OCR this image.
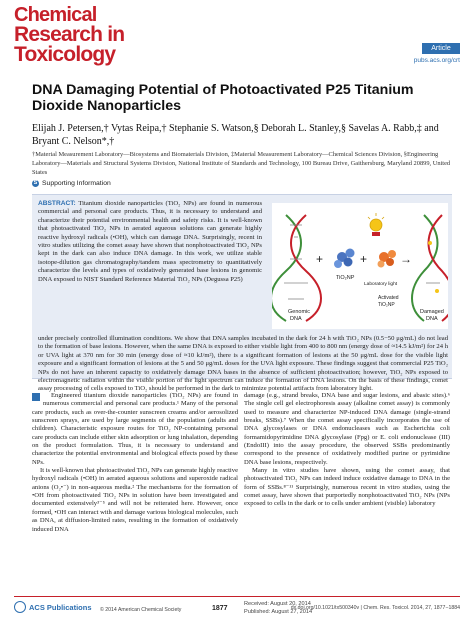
Chemical
Research in
Toxicology	Article
pubs.acs.org/crt
DNA Damaging Potential of Photoactivated P25 Titanium Dioxide Nanoparticles
Elijah J. Petersen,† Vytas Reipa,† Stephanie S. Watson,§ Deborah L. Stanley,§ Savelas A. Rabb,‡ and Bryant C. Nelson*,†
†Material Measurement Laboratory—Biosystems and Biomaterials Division, ‡Material Measurement Laboratory—Chemical Sciences Division, §Engineering Laboratory—Materials and Structural Systems Division, National Institute of Standards and Technology, 100 Bureau Drive, Gaithersburg, Maryland 20899, United States
S Supporting Information
ABSTRACT: Titanium dioxide nanoparticles (TiO₂ NPs) are found in numerous commercial and personal care products. Thus, it is necessary to understand and characterize their potential environmental health and safety risks. It is well-known that photoactivated TiO₂ NPs in aerated aqueous solutions can generate highly reactive hydroxyl radicals (•OH), which can damage DNA. Surprisingly, recent in vitro studies utilizing the comet assay have shown that nonphotoactivated TiO₂ NPs kept in the dark can also induce DNA damage. In this work, we utilize stable isotope-dilution gas chromatography/tandem mass spectrometry to quantitatively characterize the levels and types of oxidatively generated base lesions in genomic DNA exposed to NIST Standard Reference Material TiO₂ NPs (Degussa P25)
Genomic
DNA
+
TiO₂NP
+
Laboratory light
Activated
TiO₂NP
→
Damaged
DNA
under precisely controlled illumination conditions. We show that DNA samples incubated in the dark for 24 h with TiO₂ NPs (0.5−50 μg/mL) do not lead to the formation of base lesions. However, when the same DNA is exposed to either visible light from 400 to 800 nm (energy dose of ≈14.5 kJ/m²) for 24 h or UVA light at 370 nm for 30 min (energy dose of ≈10 kJ/m²), there is a significant formation of lesions at the 50 μg/mL dose for the visible light exposure and a significant formation of lesions at the 5 and 50 μg/mL doses for the UVA light exposure. These findings suggest that commercial P25 TiO₂ NPs do not have an inherent capacity to oxidatively damage DNA bases in the absence of sufficient photoactivation; however, TiO₂ NPs exposed to electromagnetic radiation within the visible portion of the light spectrum can induce the formation of DNA lesions. On the basis of these findings, comet assay processing of cells exposed to TiO₂ should be performed in the dark to minimize potential artifacts from laboratory light.

Engineered titanium dioxide nanoparticles (TiO₂ NPs) are found in numerous commercial and personal care products.¹ Many of the personal care products, such as over-the-counter sunscreen creams and/or aerosolized sunscreen sprays, are used by large segments of the population (adults and children). Characteristic exposure routes for TiO₂ NP-containing personal care products can include either skin adsorption or lung inhalation, depending on the product formulation. Thus, it is necessary to understand and characterize the potential environmental and biological effects posed by these NPs.

It is well-known that photoactivated TiO₂ NPs can generate highly reactive hydroxyl radicals (•OH) in aerated aqueous solutions and superoxide radical anions (O₂•⁻) in non-aqueous media.² The mechanisms for the formation of •OH from photoactivated TiO₂ NPs in solution have been investigated and documented extensively³⁻⁵ and will not be reiterated here. However, once formed, •OH can interact with and damage various biological molecules, such as DNA, at diffusion-limited rates, resulting in the formation of oxidatively induced DNA

damage (e.g., strand breaks, DNA base and sugar lesions, and abasic sites).⁶ The single cell gel electrophoresis assay (alkaline comet assay) is commonly used to measure and characterize NP-induced DNA damage (single-strand breaks, SSBs).⁷ When the comet assay specifically incorporates the use of DNA glycosylases or DNA endonucleases such as Escherichia coli formamidopyrimidine DNA glycosylase (Fpg) or E. coli endonuclease (III) (EndoIII) into the assay procedure, the observed SSBs predominantly correspond to the presence of oxidatively modified purine or pyrimidine DNA base lesions, respectively.

Many in vitro studies have shown, using the comet assay, that photoactivated TiO₂ NPs can indeed induce oxidative damage to DNA in the form of SSBs.⁸⁻¹¹ Surprisingly, numerous recent in vitro studies, using the comet assay, have shown that purportedly nonphotoactivated TiO₂ NPs (NPs exposed to cells in the dark or to cells under ambient (visible) laboratory

ACS Publications © 2014 American Chemical Society	1877
Received: August 20, 2014
Published: August 27, 2014
dx.doi.org/10.1021/tx500340v | Chem. Res. Toxicol. 2014, 27, 1877−1884
